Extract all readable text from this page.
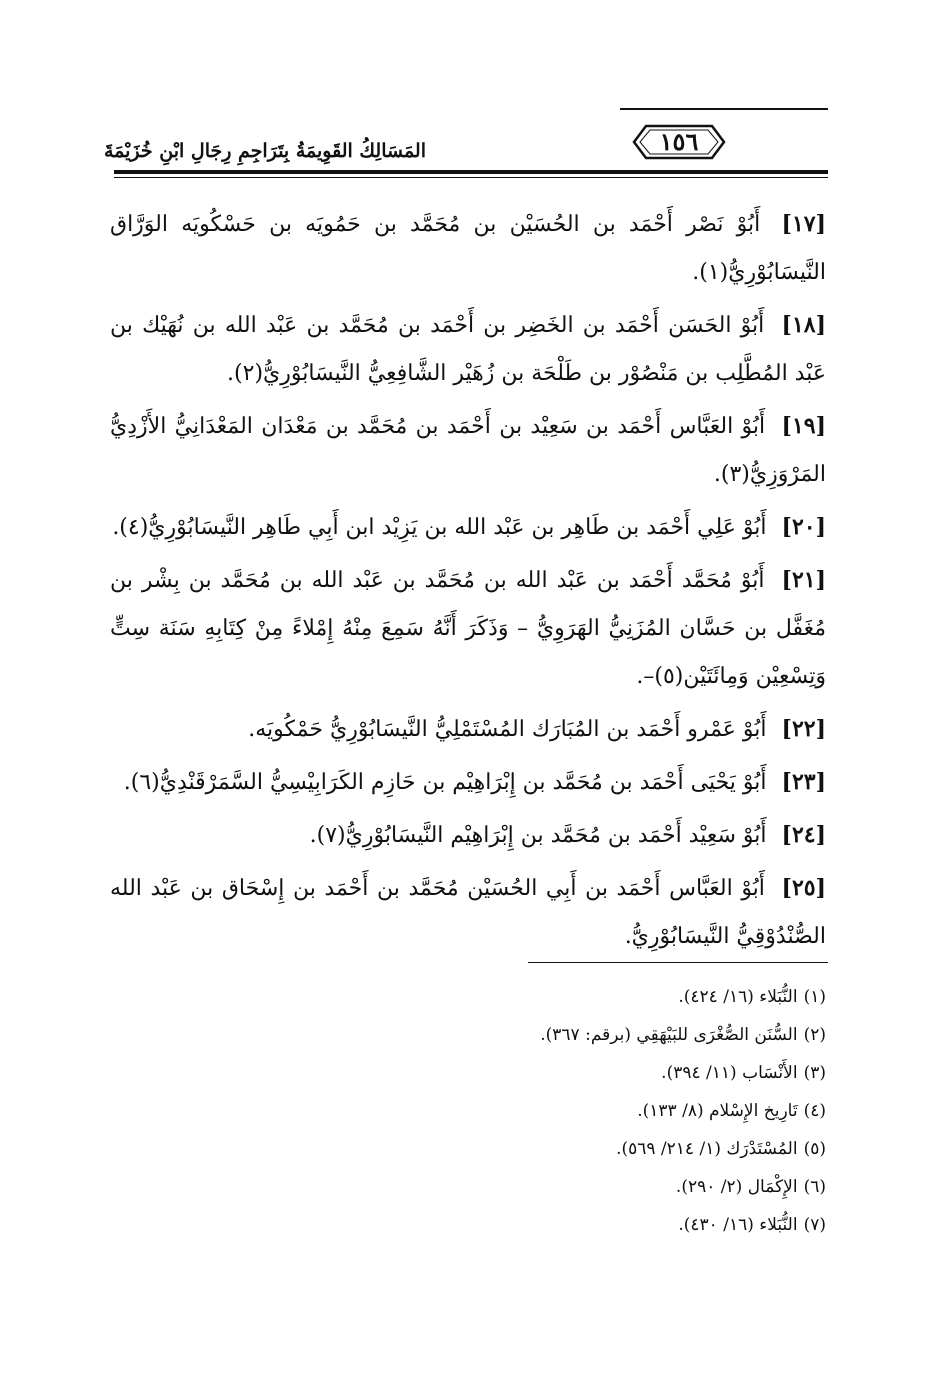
١٥٦
المَسَالِكُ القَوِيمَةُ بِتَرَاجِمِ رِجَالِ ابْنِ خُزَيْمَةَ

[١٧] أَبُوْ نَصْر أَحْمَد بن الحُسَيْن بن مُحَمَّد بن حَمُويَه بن حَسْكُويَه الوَرَّاق النَّيسَابُوْرِيُّ(١).

[١٨] أَبُوْ الحَسَن أَحْمَد بن الخَضِر بن أَحْمَد بن مُحَمَّد بن عَبْد الله بن نُهَيْك بن عَبْد المُطَّلِب بن مَنْصُوْر بن طَلْحَة بن زُهَيْر الشَّافِعِيُّ النَّيسَابُوْرِيُّ(٢).

[١٩] أَبُوْ العَبَّاس أَحْمَد بن سَعِيْد بن أَحْمَد بن مُحَمَّد بن مَعْدَان المَعْدَانِيُّ الأَزْدِيُّ المَرْوَزِيُّ(٣).

[٢٠] أَبُوْ عَلِي أَحْمَد بن طَاهِر بن عَبْد الله بن يَزِيْد ابن أَبِي طَاهِر النَّيسَابُوْرِيُّ(٤).

[٢١] أَبُوْ مُحَمَّد أَحْمَد بن عَبْد الله بن مُحَمَّد بن عَبْد الله بن مُحَمَّد بن بِشْر بن مُغَفَّل بن حَسَّان المُزَنِيُّ الهَرَوِيُّ – وَذَكَرَ أَنَّهُ سَمِعَ مِنْهُ إِمْلاءً مِنْ كِتَابِهِ سَنَة سِتٍّ وَتِسْعِيْن وَمِائَتَيْن(٥)–.

[٢٢] أَبُوْ عَمْرو أَحْمَد بن المُبَارَك المُسْتَمْلِيُّ النَّيسَابُوْرِيُّ حَمْكُويَه.

[٢٣] أَبُوْ يَحْيَى أَحْمَد بن مُحَمَّد بن إِبْرَاهِيْم بن حَازِم الكَرَابِيْسِيُّ السَّمَرْقَنْدِيُّ(٦).

[٢٤] أَبُوْ سَعِيْد أَحْمَد بن مُحَمَّد بن إِبْرَاهِيْم النَّيسَابُوْرِيُّ(٧).

[٢٥] أَبُوْ العَبَّاس أَحْمَد بن أَبِي الحُسَيْن مُحَمَّد بن أَحْمَد بن إِسْحَاق بن عَبْد الله الصُّنْدُوْقِيُّ النَّيسَابُوْرِيُّ.

(١)النُّبَلاء (١٦/ ٤٢٤).

(٢)السُّنَن الصُّغْرَى للبَيْهَقِي (برقم: ٣٦٧).

(٣)الأَنْسَاب (١١/ ٣٩٤).

(٤)تَارِيخ الإِسْلام (٨/ ١٣٣).

(٥)المُسْتَدْرَك (١/ ٢١٤/ ٥٦٩).

(٦)الإِكْمَال (٢/ ٢٩٠).

(٧)النُّبَلاء (١٦/ ٤٣٠).
